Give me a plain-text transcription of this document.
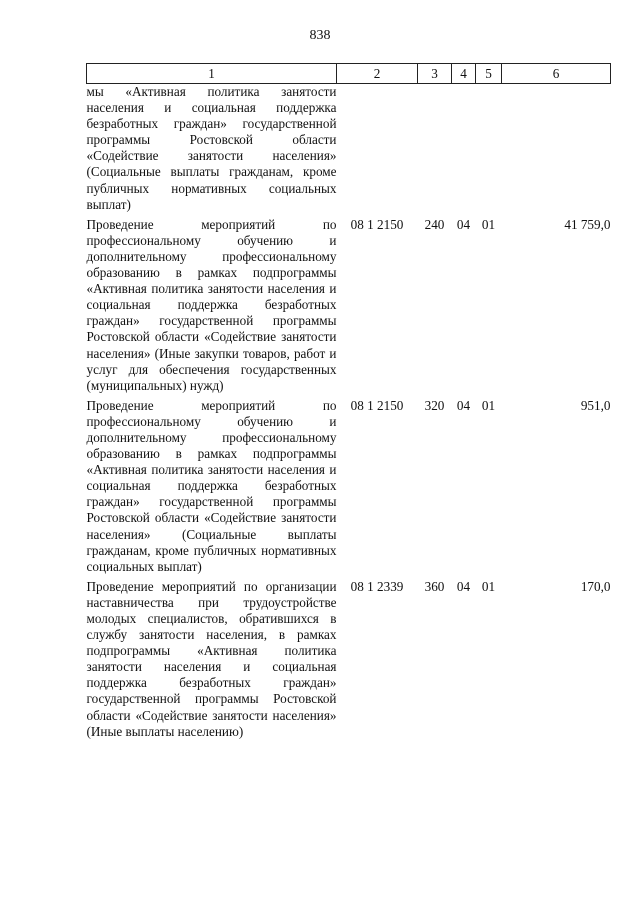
838
1	2	3	4	5	6
мы «Активная политика занятости населения и социальная поддержка безработных граждан» государственной программы Ростовской области «Содействие занятости населения» (Социальные выплаты гражданам, кроме публичных нормативных социальных выплат)					
Проведение мероприятий по профессиональному обучению и дополнительному профессиональному образованию в рамках подпрограммы «Активная политика занятости населения и социальная поддержка безработных граждан» государственной программы Ростовской области «Содействие занятости населения» (Иные закупки товаров, работ и услуг для обеспечения государственных (муниципальных) нужд)	08 1 2150	240	04	01	41 759,0
Проведение мероприятий по профессиональному обучению и дополнительному профессиональному образованию в рамках подпрограммы «Активная политика занятости населения и социальная поддержка безработных граждан» государственной программы Ростовской области «Содействие занятости населения» (Социальные выплаты гражданам, кроме публичных нормативных социальных выплат)	08 1 2150	320	04	01	951,0
Проведение мероприятий по организации наставничества при трудоустройстве молодых специалистов, обратившихся в службу занятости населения, в рамках подпрограммы «Активная политика занятости населения и социальная поддержка безработных граждан» государственной программы Ростовской области «Содействие занятости населения» (Иные выплаты населению)	08 1 2339	360	04	01	170,0
